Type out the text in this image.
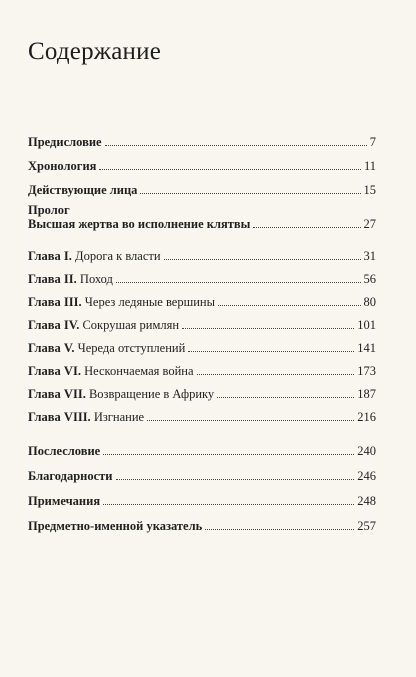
Содержание
Предисловие	7
Хронология	11
Действующие лица	15
Пролог
Высшая жертва во исполнение клятвы	27
Глава I. Дорога к власти	31
Глава II. Поход	56
Глава III. Через ледяные вершины	80
Глава IV. Сокрушая римлян	101
Глава V. Череда отступлений	141
Глава VI. Нескончаемая война	173
Глава VII. Возвращение в Африку	187
Глава VIII. Изгнание	216
Послесловие	240
Благодарности	246
Примечания	248
Предметно-именной указатель	257
